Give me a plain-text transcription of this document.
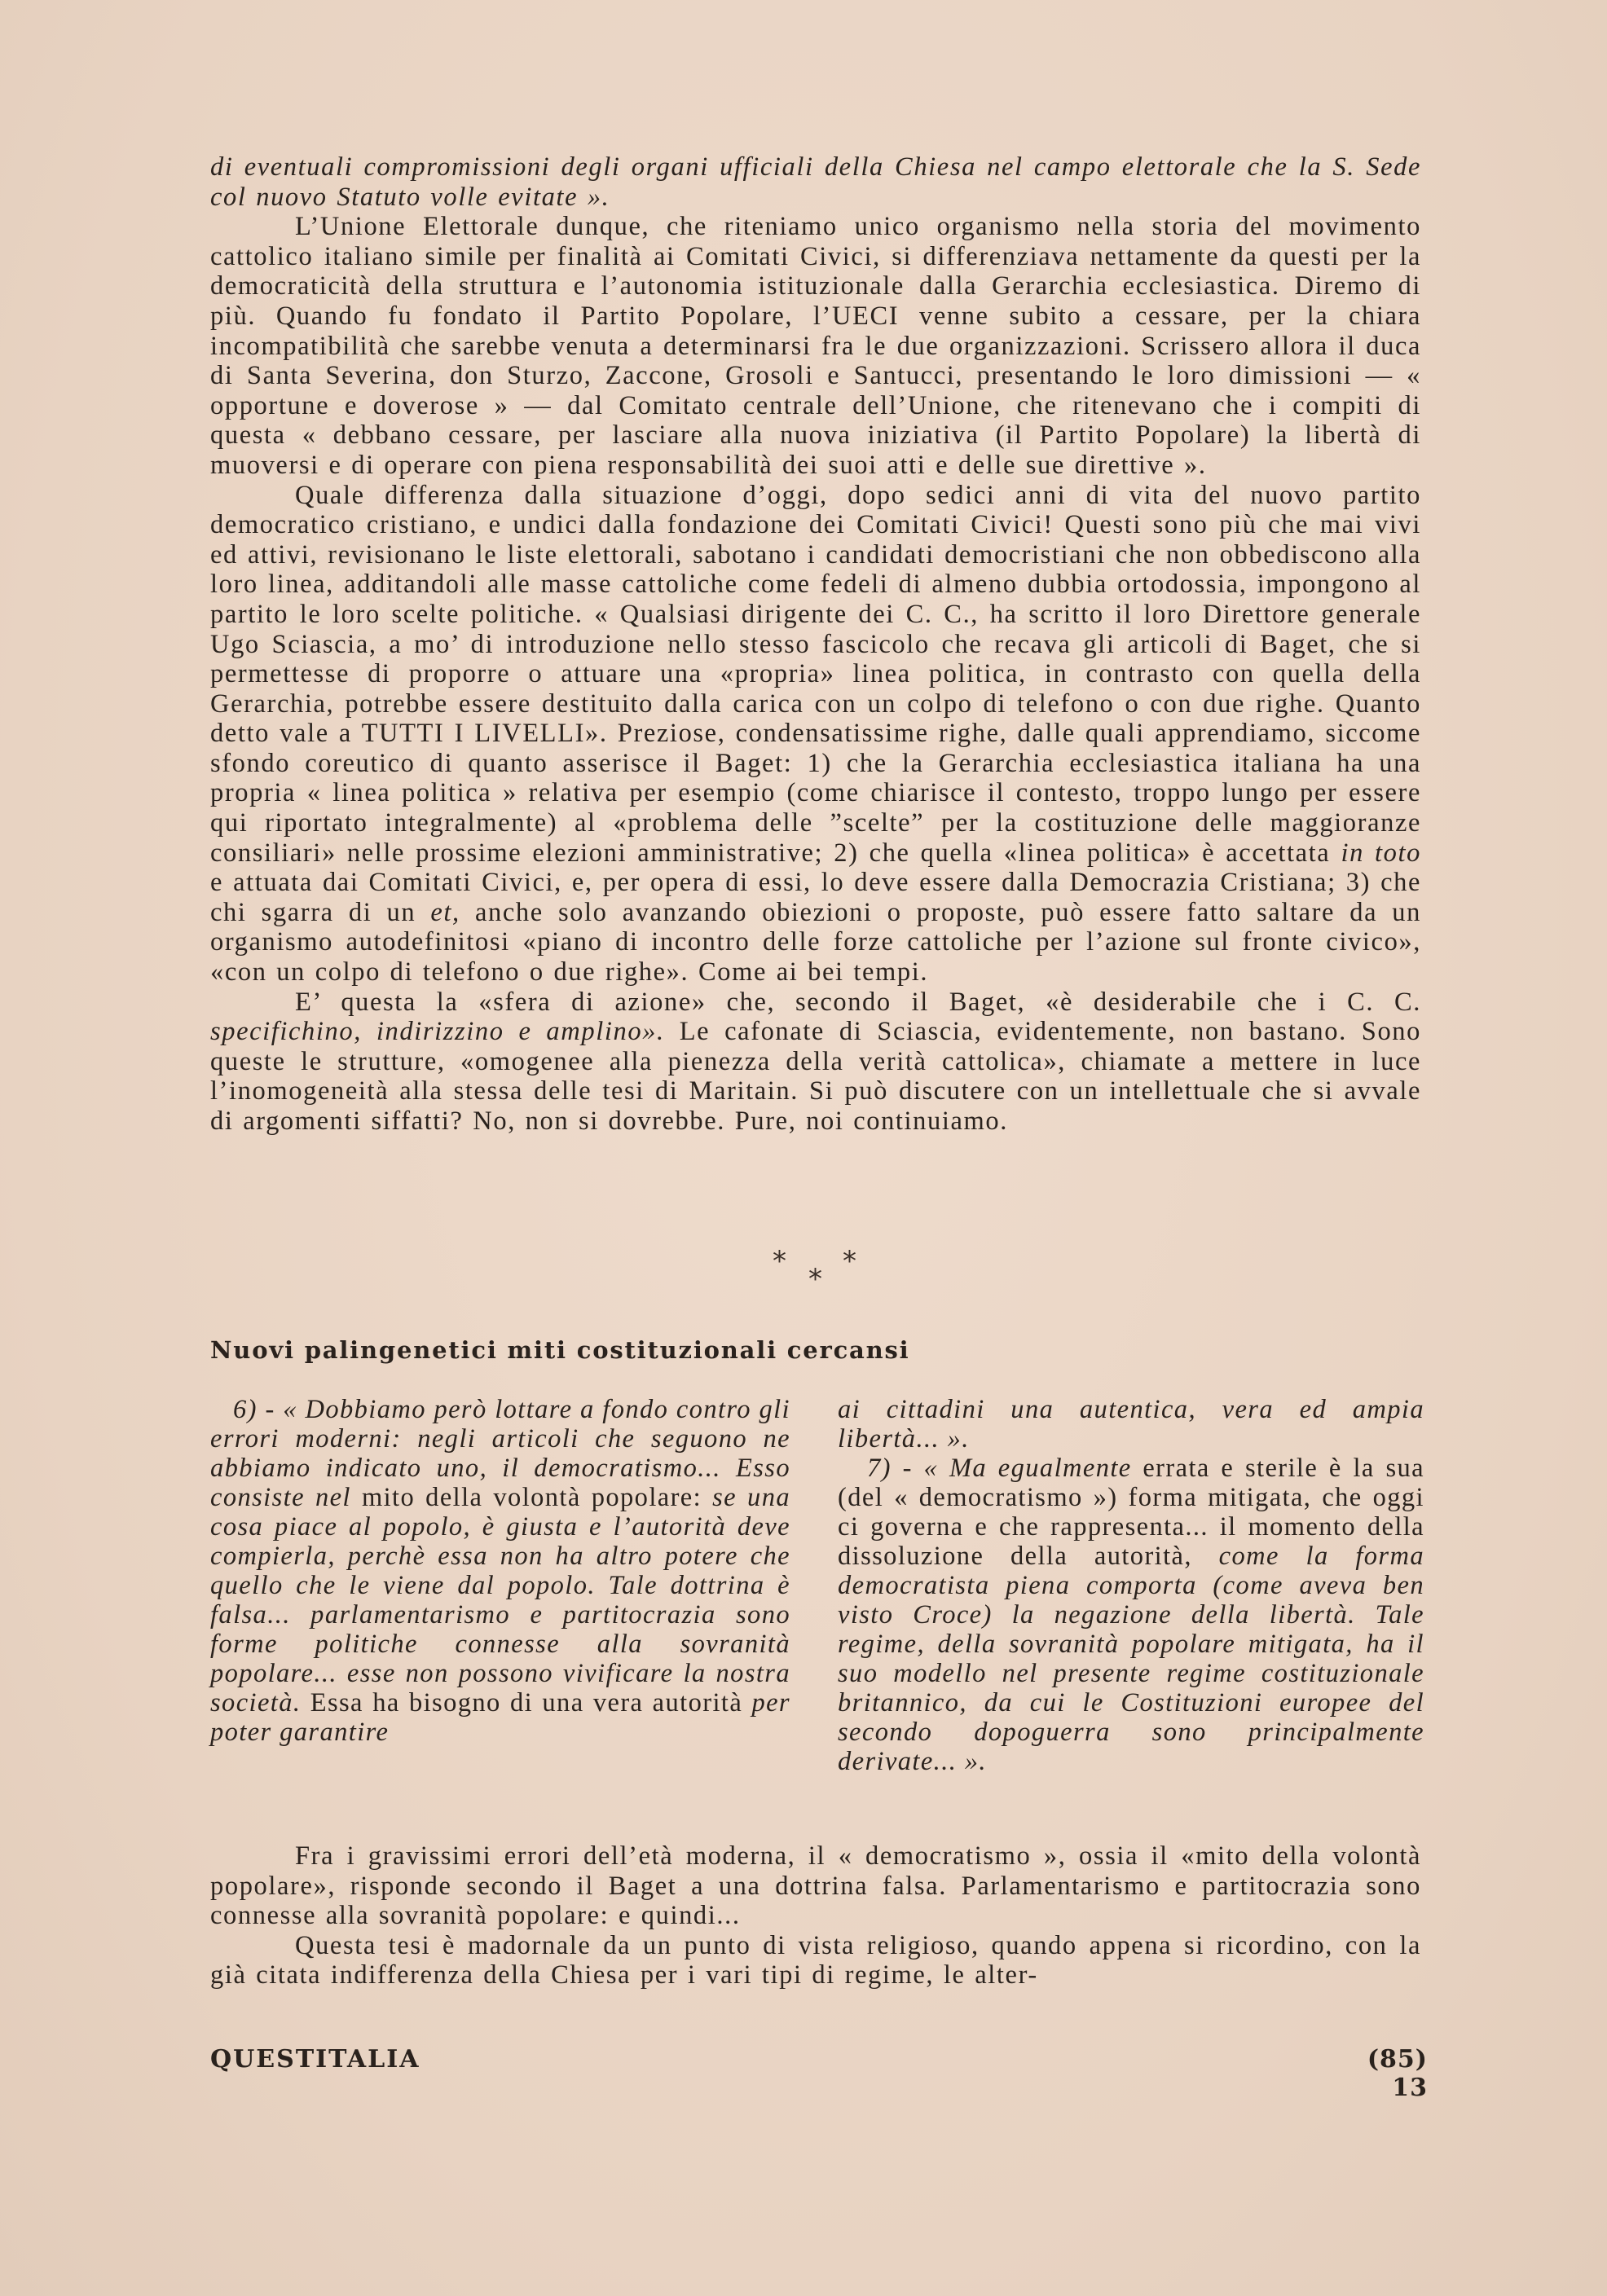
di eventuali compromissioni degli organi ufficiali della Chiesa nel campo elettorale che la S. Sede col nuovo Statuto volle evitate ».

L’Unione Elettorale dunque, che riteniamo unico organismo nella storia del movimento cattolico italiano simile per finalità ai Comitati Civici, si differenziava nettamente da questi per la democraticità della struttura e l’autonomia istituzionale dalla Gerarchia ecclesiastica. Diremo di più. Quando fu fondato il Partito Popolare, l’UECI venne subito a cessare, per la chiara incompatibilità che sarebbe venuta a determinarsi fra le due organizzazioni. Scrissero allora il duca di Santa Severina, don Sturzo, Zaccone, Grosoli e Santucci, presentando le loro dimissioni — « opportune e doverose » — dal Comitato centrale dell’Unione, che ritenevano che i compiti di questa « debbano cessare, per lasciare alla nuova iniziativa (il Partito Popolare) la libertà di muoversi e di operare con piena responsabilità dei suoi atti e delle sue direttive ».

Quale differenza dalla situazione d’oggi, dopo sedici anni di vita del nuovo partito democratico cristiano, e undici dalla fondazione dei Comitati Civici! Questi sono più che mai vivi ed attivi, revisionano le liste elettorali, sabotano i candidati democristiani che non obbediscono alla loro linea, additandoli alle masse cattoliche come fedeli di almeno dubbia ortodossia, impongono al partito le loro scelte politiche. « Qualsiasi dirigente dei C. C., ha scritto il loro Direttore generale Ugo Sciascia, a mo’ di introduzione nello stesso fascicolo che recava gli articoli di Baget, che si permettesse di proporre o attuare una «propria» linea politica, in contrasto con quella della Gerarchia, potrebbe essere destituito dalla carica con un colpo di telefono o con due righe. Quanto detto vale a TUTTI I LIVELLI». Preziose, condensatissime righe, dalle quali apprendiamo, siccome sfondo coreutico di quanto asserisce il Baget: 1) che la Gerarchia ecclesiastica italiana ha una propria « linea politica » relativa per esempio (come chiarisce il contesto, troppo lungo per essere qui riportato integralmente) al «problema delle ”scelte” per la costituzione delle maggioranze consiliari» nelle prossime elezioni amministrative; 2) che quella «linea politica» è accettata in toto e attuata dai Comitati Civici, e, per opera di essi, lo deve essere dalla Democrazia Cristiana; 3) che chi sgarra di un et, anche solo avanzando obiezioni o proposte, può essere fatto saltare da un organismo autodefinitosi «piano di incontro delle forze cattoliche per l’azione sul fronte civico», «con un colpo di telefono o due righe». Come ai bei tempi.

E’ questa la «sfera di azione» che, secondo il Baget, «è desiderabile che i C. C. specifichino, indirizzino e amplino». Le cafonate di Sciascia, evidentemente, non bastano. Sono queste le strutture, «omogenee alla pienezza della verità cattolica», chiamate a mettere in luce l’inomogeneità alla stessa delle tesi di Maritain. Si può discutere con un intellettuale che si avvale di argomenti siffatti? No, non si dovrebbe. Pure, noi continuiamo.

* *
*
Nuovi palingenetici miti costituzionali cercansi

6) - « Dobbiamo però lottare a fondo contro gli errori moderni: negli articoli che seguono ne abbiamo indicato uno, il democratismo... Esso consiste nel mito della volontà popolare: se una cosa piace al popolo, è giusta e l’autorità deve compierla, perchè essa non ha altro potere che quello che le viene dal popolo. Tale dottrina è falsa... parlamentarismo e partitocrazia sono forme politiche connesse alla sovranità popolare... esse non possono vivificare la nostra società. Essa ha bisogno di una vera autorità per poter garantire

ai cittadini una autentica, vera ed ampia libertà... ».

7) - « Ma egualmente errata e sterile è la sua (del « democratismo ») forma mitigata, che oggi ci governa e che rappresenta... il momento della dissoluzione della autorità, come la forma democratista piena comporta (come aveva ben visto Croce) la negazione della libertà. Tale regime, della sovranità popolare mitigata, ha il suo modello nel presente regime costituzionale britannico, da cui le Costituzioni europee del secondo dopoguerra sono principalmente derivate... ».

Fra i gravissimi errori dell’età moderna, il « democratismo », ossia il «mito della volontà popolare», risponde secondo il Baget a una dottrina falsa. Parlamentarismo e partitocrazia sono connesse alla sovranità popolare: e quindi...

Questa tesi è madornale da un punto di vista religioso, quando appena si ricordino, con la già citata indifferenza della Chiesa per i vari tipi di regime, le alter-

QUESTITALIA	(85) 13
